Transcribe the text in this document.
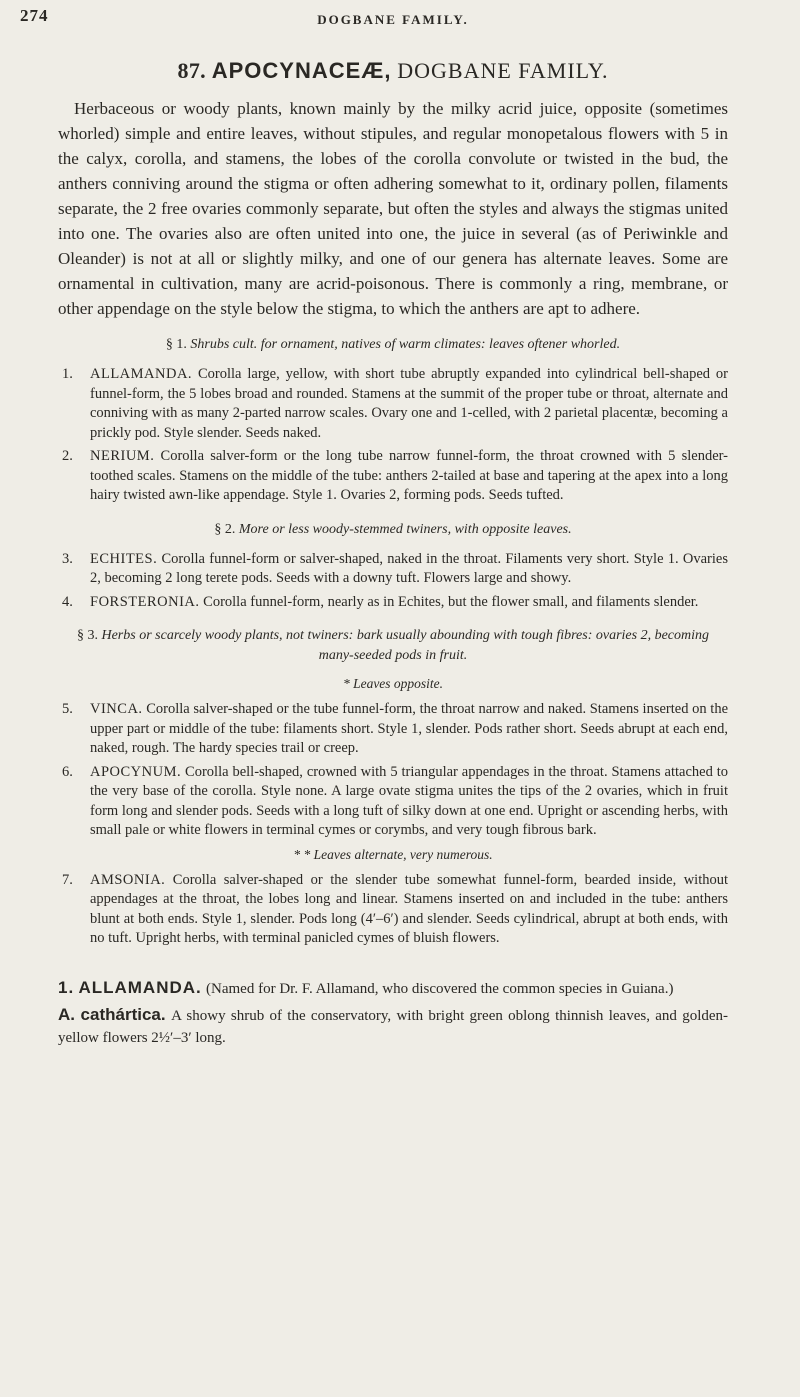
274	DOGBANE FAMILY.
87. APOCYNACEÆ, DOGBANE FAMILY.

Herbaceous or woody plants, known mainly by the milky acrid juice, opposite (sometimes whorled) simple and entire leaves, without stipules, and regular monopetalous flowers with 5 in the calyx, corolla, and stamens, the lobes of the corolla convolute or twisted in the bud, the anthers conniving around the stigma or often adhering somewhat to it, ordinary pollen, filaments separate, the 2 free ovaries commonly separate, but often the styles and always the stigmas united into one. The ovaries also are often united into one, the juice in several (as of Periwinkle and Oleander) is not at all or slightly milky, and one of our genera has alternate leaves. Some are ornamental in cultivation, many are acrid-poisonous. There is commonly a ring, membrane, or other appendage on the style below the stigma, to which the anthers are apt to adhere.

§ 1. Shrubs cult. for ornament, natives of warm climates: leaves oftener whorled.
1.	ALLAMANDA. Corolla large, yellow, with short tube abruptly expanded into cylindrical bell-shaped or funnel-form, the 5 lobes broad and rounded. Stamens at the summit of the proper tube or throat, alternate and conniving with as many 2-parted narrow scales. Ovary one and 1-celled, with 2 parietal placentæ, becoming a prickly pod. Style slender. Seeds naked.
2.	NERIUM. Corolla salver-form or the long tube narrow funnel-form, the throat crowned with 5 slender-toothed scales. Stamens on the middle of the tube: anthers 2-tailed at base and tapering at the apex into a long hairy twisted awn-like appendage. Style 1. Ovaries 2, forming pods. Seeds tufted.
§ 2. More or less woody-stemmed twiners, with opposite leaves.
3.	ECHITES. Corolla funnel-form or salver-shaped, naked in the throat. Filaments very short. Style 1. Ovaries 2, becoming 2 long terete pods. Seeds with a downy tuft. Flowers large and showy.
4.	FORSTERONIA. Corolla funnel-form, nearly as in Echites, but the flower small, and filaments slender.
§ 3. Herbs or scarcely woody plants, not twiners: bark usually abounding with tough fibres: ovaries 2, becoming many-seeded pods in fruit.
* Leaves opposite.
5.	VINCA. Corolla salver-shaped or the tube funnel-form, the throat narrow and naked. Stamens inserted on the upper part or middle of the tube: filaments short. Style 1, slender. Pods rather short. Seeds abrupt at each end, naked, rough. The hardy species trail or creep.
6.	APOCYNUM. Corolla bell-shaped, crowned with 5 triangular appendages in the throat. Stamens attached to the very base of the corolla. Style none. A large ovate stigma unites the tips of the 2 ovaries, which in fruit form long and slender pods. Seeds with a long tuft of silky down at one end. Upright or ascending herbs, with small pale or white flowers in terminal cymes or corymbs, and very tough fibrous bark.
* * Leaves alternate, very numerous.
7.	AMSONIA. Corolla salver-shaped or the slender tube somewhat funnel-form, bearded inside, without appendages at the throat, the lobes long and linear. Stamens inserted on and included in the tube: anthers blunt at both ends. Style 1, slender. Pods long (4′–6′) and slender. Seeds cylindrical, abrupt at both ends, with no tuft. Upright herbs, with terminal panicled cymes of bluish flowers.

1. ALLAMANDA. (Named for Dr. F. Allamand, who discovered the common species in Guiana.)

A. cathártica. A showy shrub of the conservatory, with bright green oblong thinnish leaves, and golden-yellow flowers 2½′–3′ long.
